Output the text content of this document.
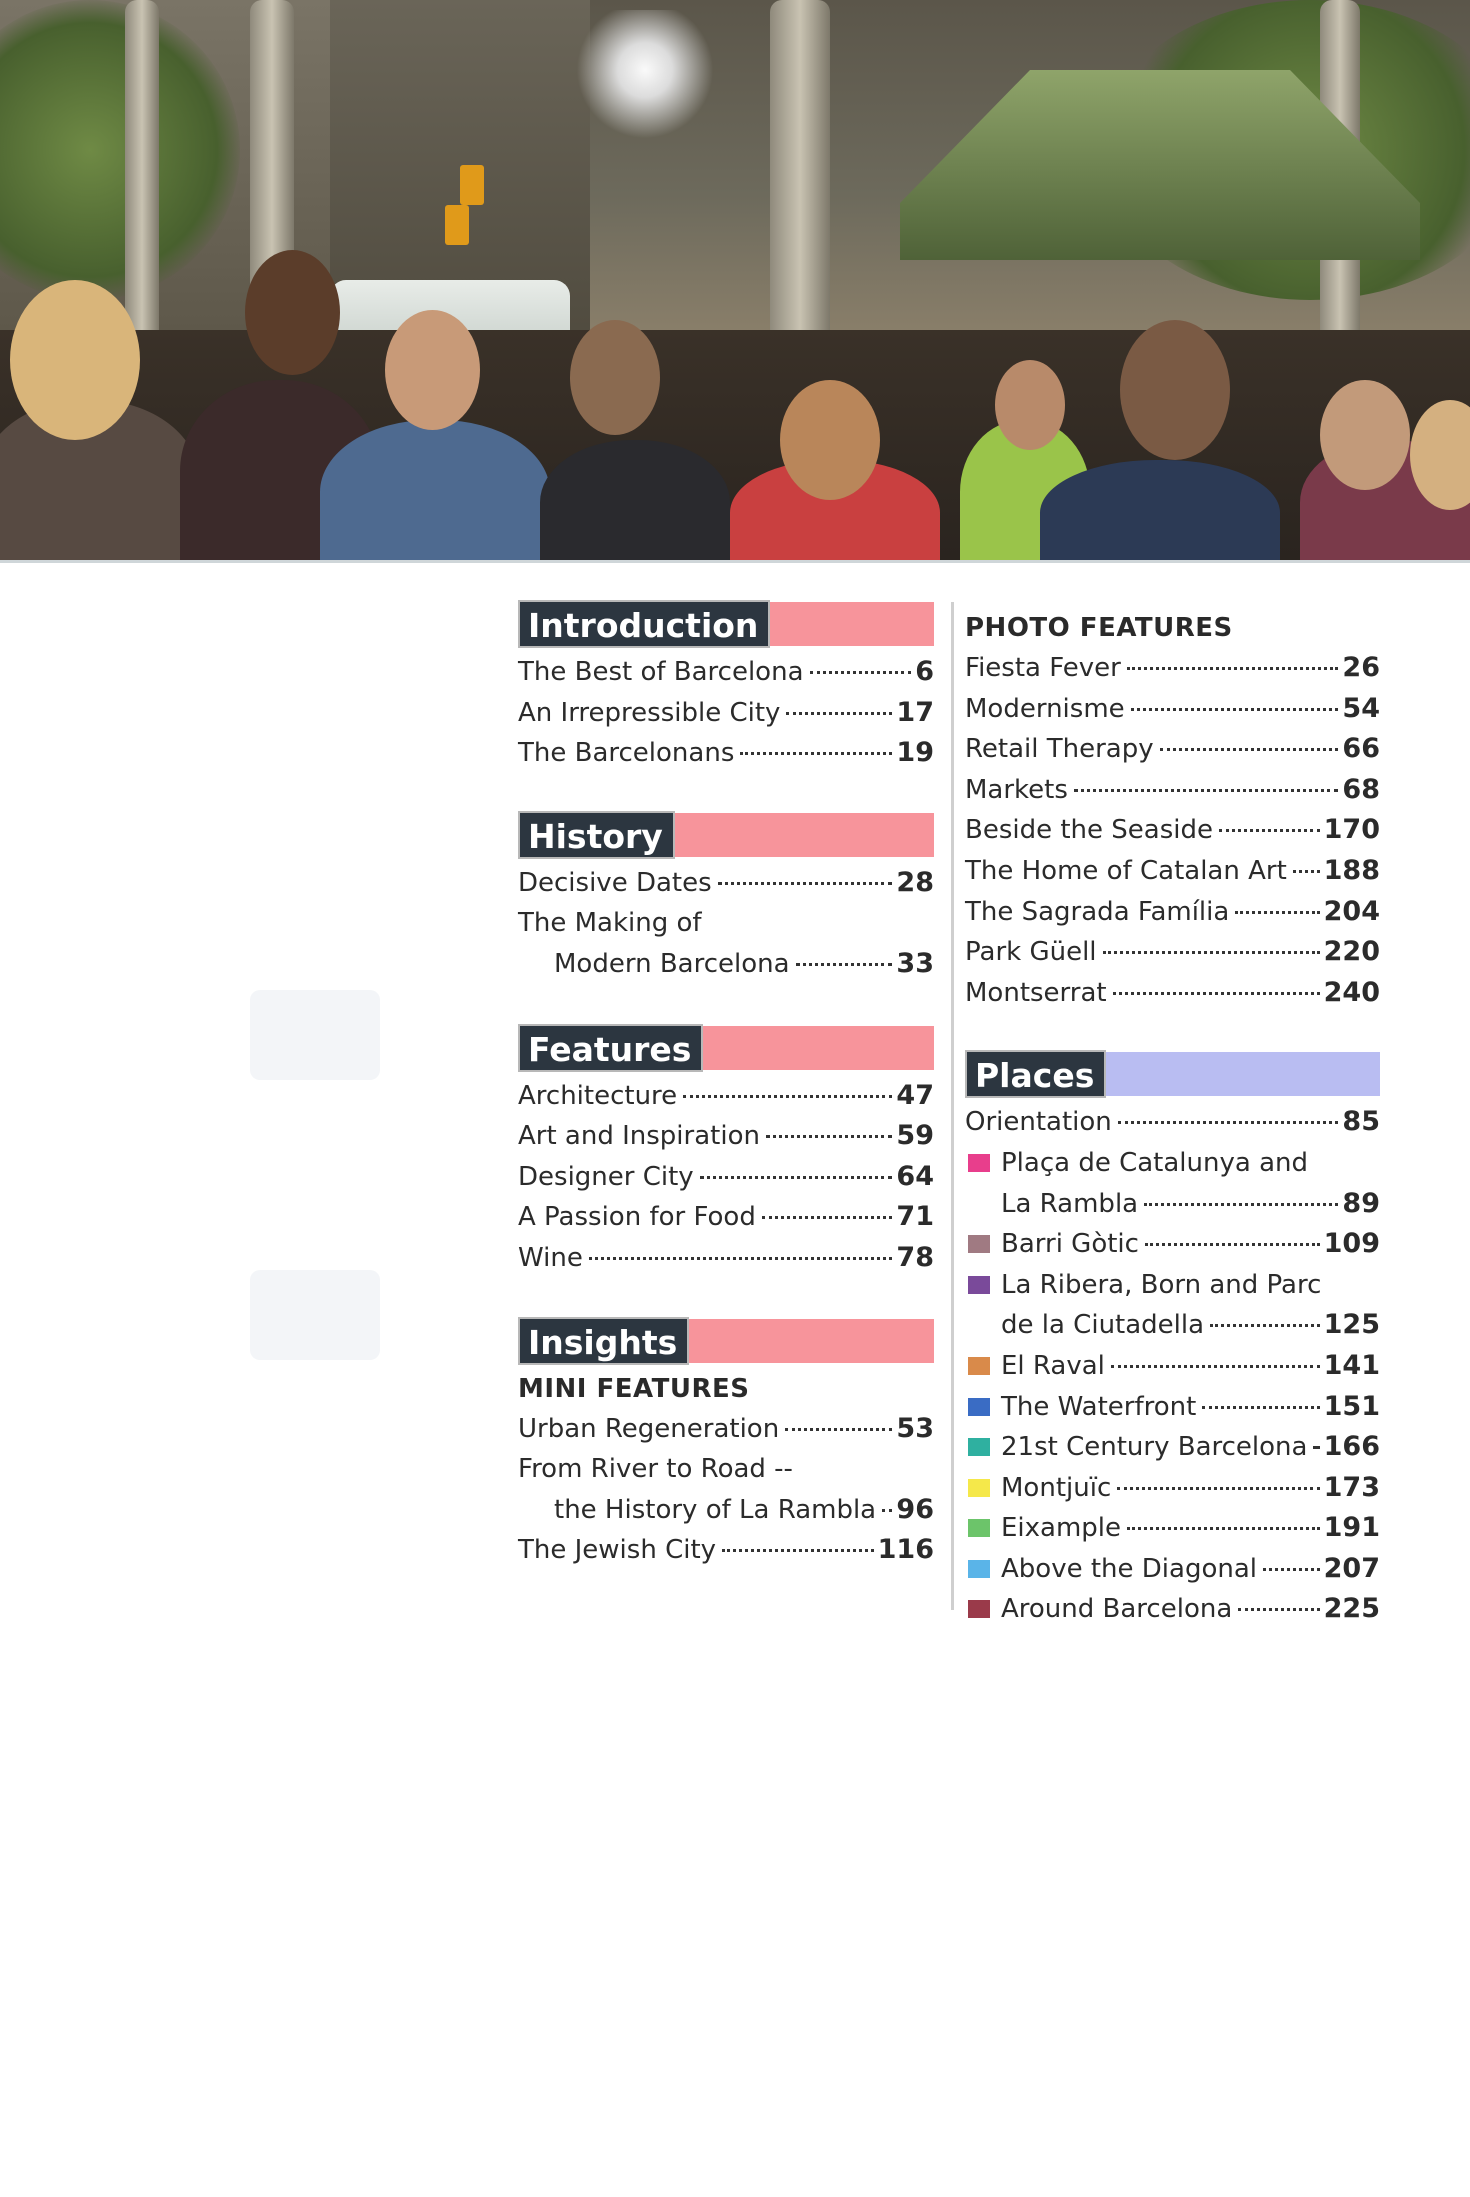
Introduction
The Best of Barcelona	6
An Irrepressible City	17
The Barcelonans	19
History
Decisive Dates	28
The Making of
Modern Barcelona	33
Features
Architecture	47
Art and Inspiration	59
Designer City	64
A Passion for Food	71
Wine	78
Insights
MINI FEATURES
Urban Regeneration	53
From River to Road --
the History of La Rambla 96
The Jewish City	116
PHOTO FEATURES
Fiesta Fever	26
Modernisme	54
Retail Therapy	66
Markets	68
Beside the Seaside	170
The Home of Catalan Art 188
The Sagrada Família	204
Park Güell	220
Montserrat	240
Places
Orientation	85
Plaça de Catalunya and
La Rambla	89
Barri Gòtic	109
La Ribera, Born and Parc
de la Ciutadella	125
El Raval	141
The Waterfront	151
21st Century Barcelona 166
Montjuïc	173
Eixample	191
Above the Diagonal 207
Around Barcelona	225
